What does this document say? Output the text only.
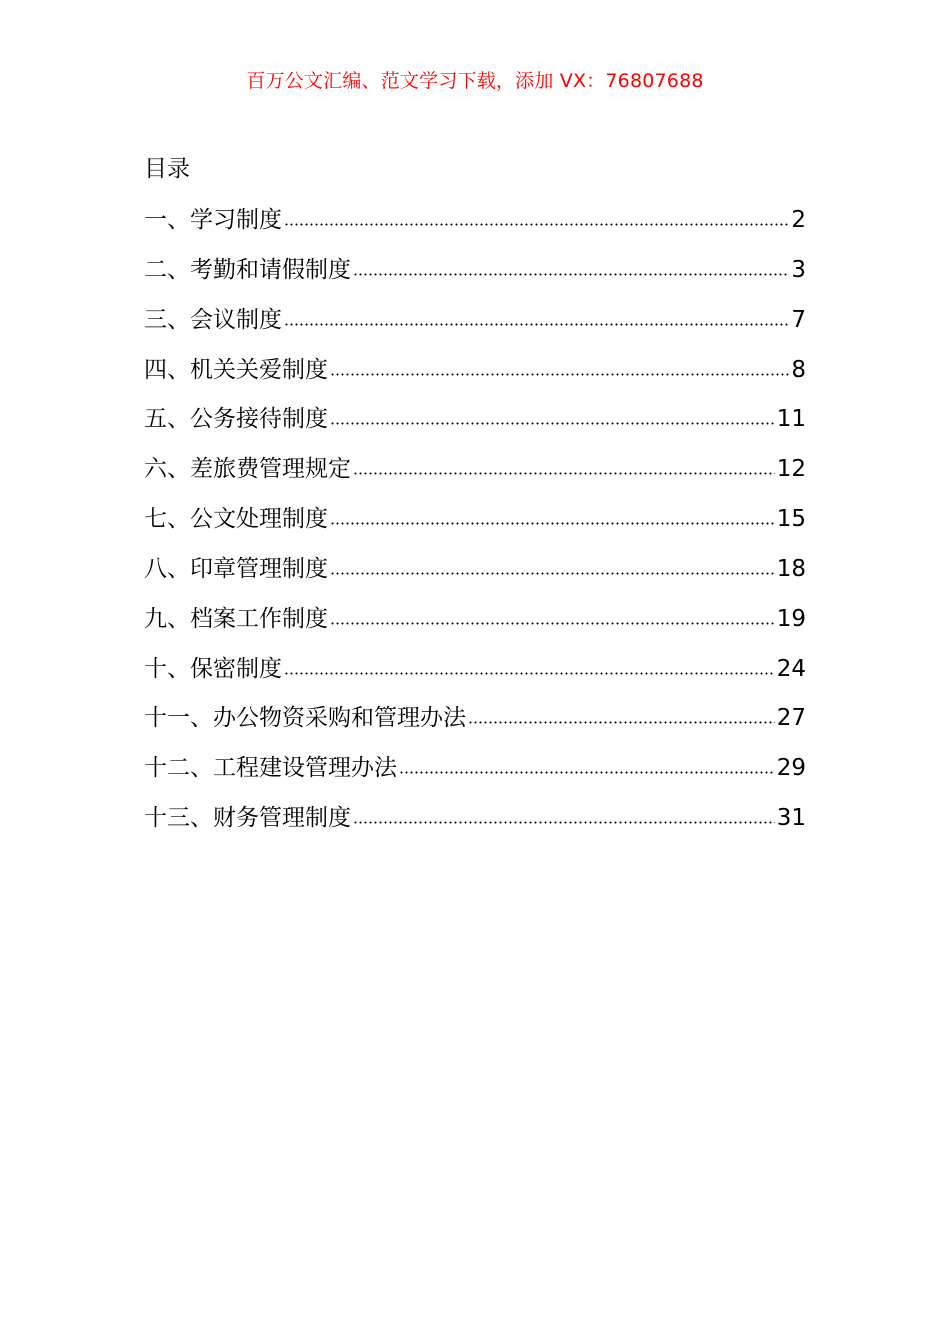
百万公文汇编、范文学习下载，添加 VX：76807688
目录
一、学习制度	2
二、考勤和请假制度	3
三、会议制度	7
四、机关关爱制度	8
五、公务接待制度	11
六、差旅费管理规定	12
七、公文处理制度	15
八、印章管理制度	18
九、档案工作制度	19
十、保密制度	24
十一、办公物资采购和管理办法	27
十二、工程建设管理办法	29
十三、财务管理制度	31
